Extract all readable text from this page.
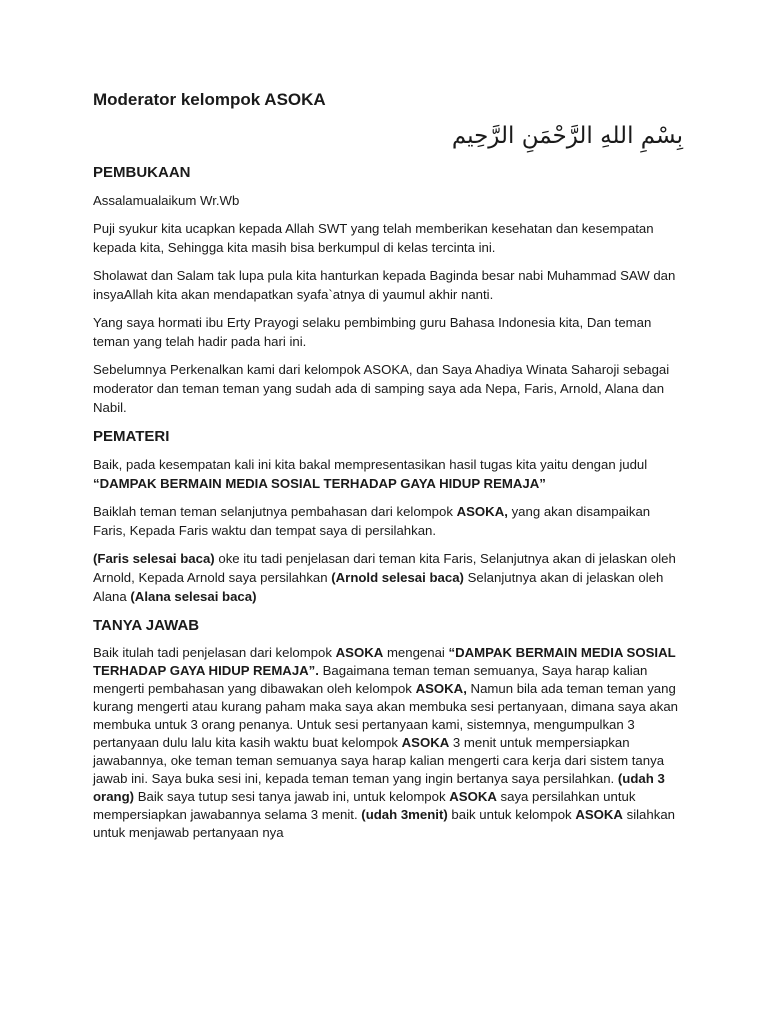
Moderator kelompok ASOKA
بِسْمِ اللهِ الرَّحْمَنِ الرَّحِيم
PEMBUKAAN

Assalamualaikum Wr.Wb

Puji syukur kita ucapkan kepada Allah SWT yang telah memberikan kesehatan dan kesempatan kepada kita, Sehingga kita masih bisa berkumpul di kelas tercinta ini.

Sholawat dan Salam tak lupa pula kita hanturkan kepada Baginda besar nabi Muhammad SAW dan insyaAllah kita akan mendapatkan syafa`atnya di yaumul akhir nanti.

Yang saya hormati ibu Erty Prayogi selaku pembimbing guru Bahasa Indonesia kita, Dan teman teman yang telah hadir pada hari ini.

Sebelumnya Perkenalkan kami dari kelompok ASOKA, dan Saya Ahadiya Winata Saharoji sebagai moderator dan teman teman yang sudah ada di samping saya ada Nepa, Faris, Arnold, Alana dan Nabil.

PEMATERI

Baik, pada kesempatan kali ini kita bakal mempresentasikan hasil tugas kita yaitu dengan judul “DAMPAK BERMAIN MEDIA SOSIAL TERHADAP GAYA HIDUP REMAJA”

Baiklah teman teman selanjutnya pembahasan dari kelompok ASOKA, yang akan disampaikan Faris, Kepada Faris waktu dan tempat saya di persilahkan.

(Faris selesai baca) oke itu tadi penjelasan dari teman kita Faris, Selanjutnya akan di jelaskan oleh Arnold, Kepada Arnold saya persilahkan (Arnold selesai baca) Selanjutnya akan di jelaskan oleh Alana (Alana selesai baca)

TANYA JAWAB

Baik itulah tadi penjelasan dari kelompok ASOKA mengenai “DAMPAK BERMAIN MEDIA SOSIAL TERHADAP GAYA HIDUP REMAJA”. Bagaimana teman teman semuanya, Saya harap kalian mengerti pembahasan yang dibawakan oleh kelompok ASOKA, Namun bila ada teman teman yang kurang mengerti atau kurang paham maka saya akan membuka sesi pertanyaan, dimana saya akan membuka untuk 3 orang penanya. Untuk sesi pertanyaan kami, sistemnya, mengumpulkan 3 pertanyaan dulu lalu kita kasih waktu buat kelompok ASOKA 3 menit untuk mempersiapkan jawabannya, oke teman teman semuanya saya harap kalian mengerti cara kerja dari sistem tanya jawab ini. Saya buka sesi ini, kepada teman teman yang ingin bertanya saya persilahkan. (udah 3 orang) Baik saya tutup sesi tanya jawab ini, untuk kelompok ASOKA saya persilahkan untuk mempersiapkan jawabannya selama 3 menit. (udah 3menit) baik untuk kelompok ASOKA silahkan untuk menjawab pertanyaan nya
